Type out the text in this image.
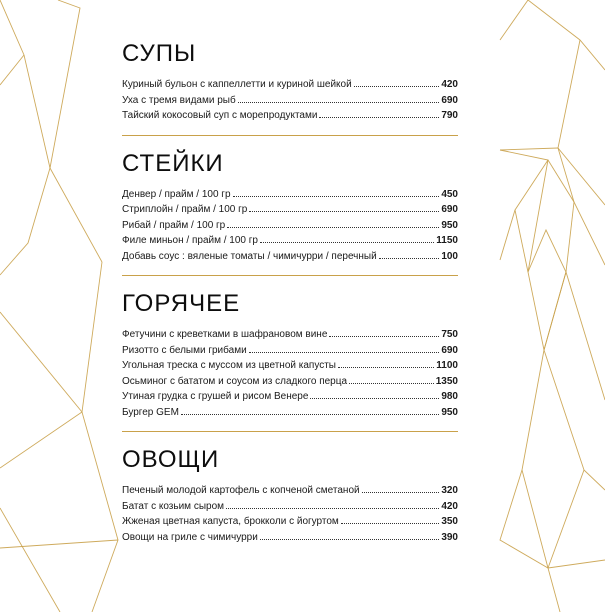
СУПЫ
Куриный бульон с каппеллетти и куриной шейкой	420
Уха с тремя видами рыб	690
Тайский кокосовый суп с морепродуктами	790
СТЕЙКИ
Денвер / прайм / 100 гр	450
Стриплойн / прайм / 100 гр	690
Рибай / прайм / 100 гр	950
Филе миньон / прайм / 100 гр	1150
Добавь соус : вяленые томаты / чимичурри / перечный	100
ГОРЯЧЕЕ
Фетучини с креветками в шафрановом вине	750
Ризотто с белыми грибами	690
Угольная треска с муссом из цветной капусты	1100
Осьминог с бататом и соусом из сладкого перца	1350
Утиная грудка с грушей и рисом Венере	980
Бургер GEM	950
ОВОЩИ
Печеный молодой картофель с копченой сметаной	320
Батат с козьим сыром	420
Жженая цветная капуста, брокколи с йогуртом	350
Овощи на гриле с чимичурри	390
